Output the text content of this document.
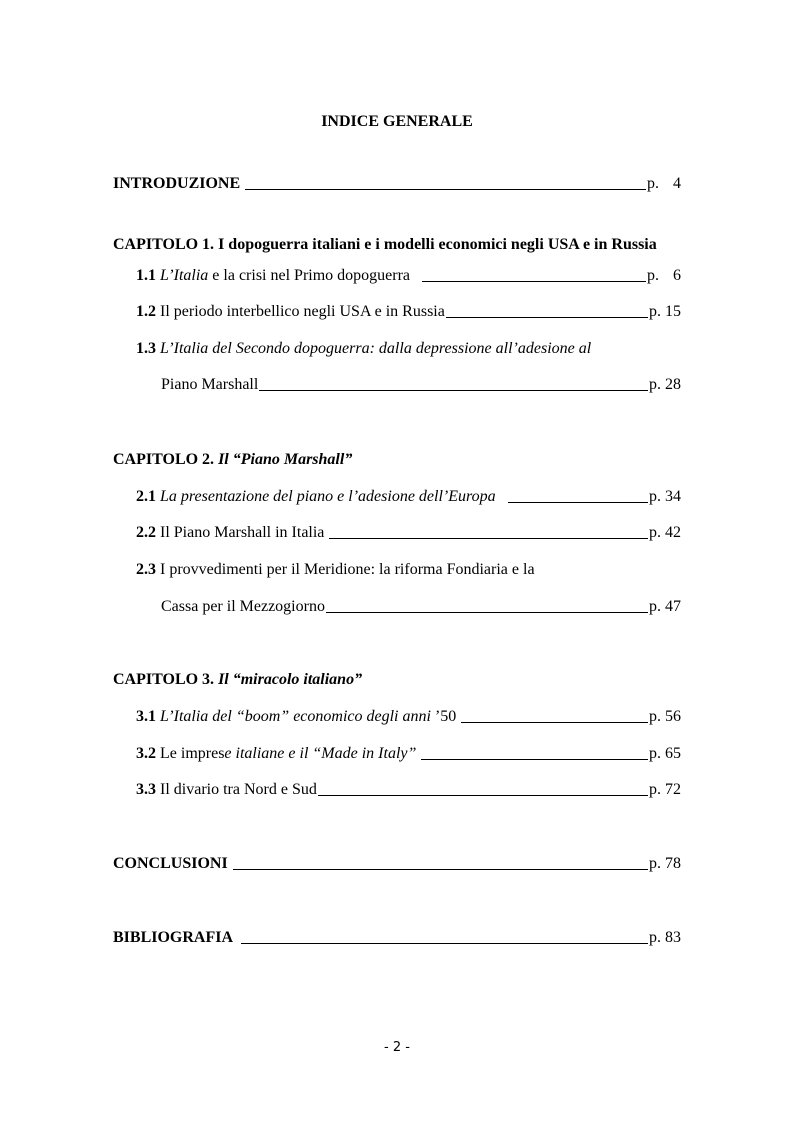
INDICE GENERALE
INTRODUZIONE	p. 4
CAPITOLO 1. I dopoguerra italiani e i modelli economici negli USA e in Russia
1.1
L’Italia e la crisi nel Primo dopoguerra	p. 6
1.2 Il periodo interbellico negli USA e in Russia	p. 15
1.3 L’Italia del Secondo dopoguerra: dalla depressione all’adesione al
Piano Marshall	p. 28
CAPITOLO 2. Il “Piano Marshall”
2.1 La presentazione del piano e l’adesione dell’Europa	p. 34
2.2 Il Piano Marshall in Italia	p. 42
2.3 I provvedimenti per il Meridione: la riforma Fondiaria e la
Cassa per il Mezzogiorno	p. 47
CAPITOLO 3. Il “miracolo italiano”
3.1 L’Italia del “boom” economico degli anni ’50	p. 56
3.2 Le impres e italiane e il “Made in Italy”	p. 65
3.3 Il divario tra Nord e Sud	p. 72
CONCLUSIONI	p. 78
BIBLIOGRAFIA	p. 83
- 2 -
